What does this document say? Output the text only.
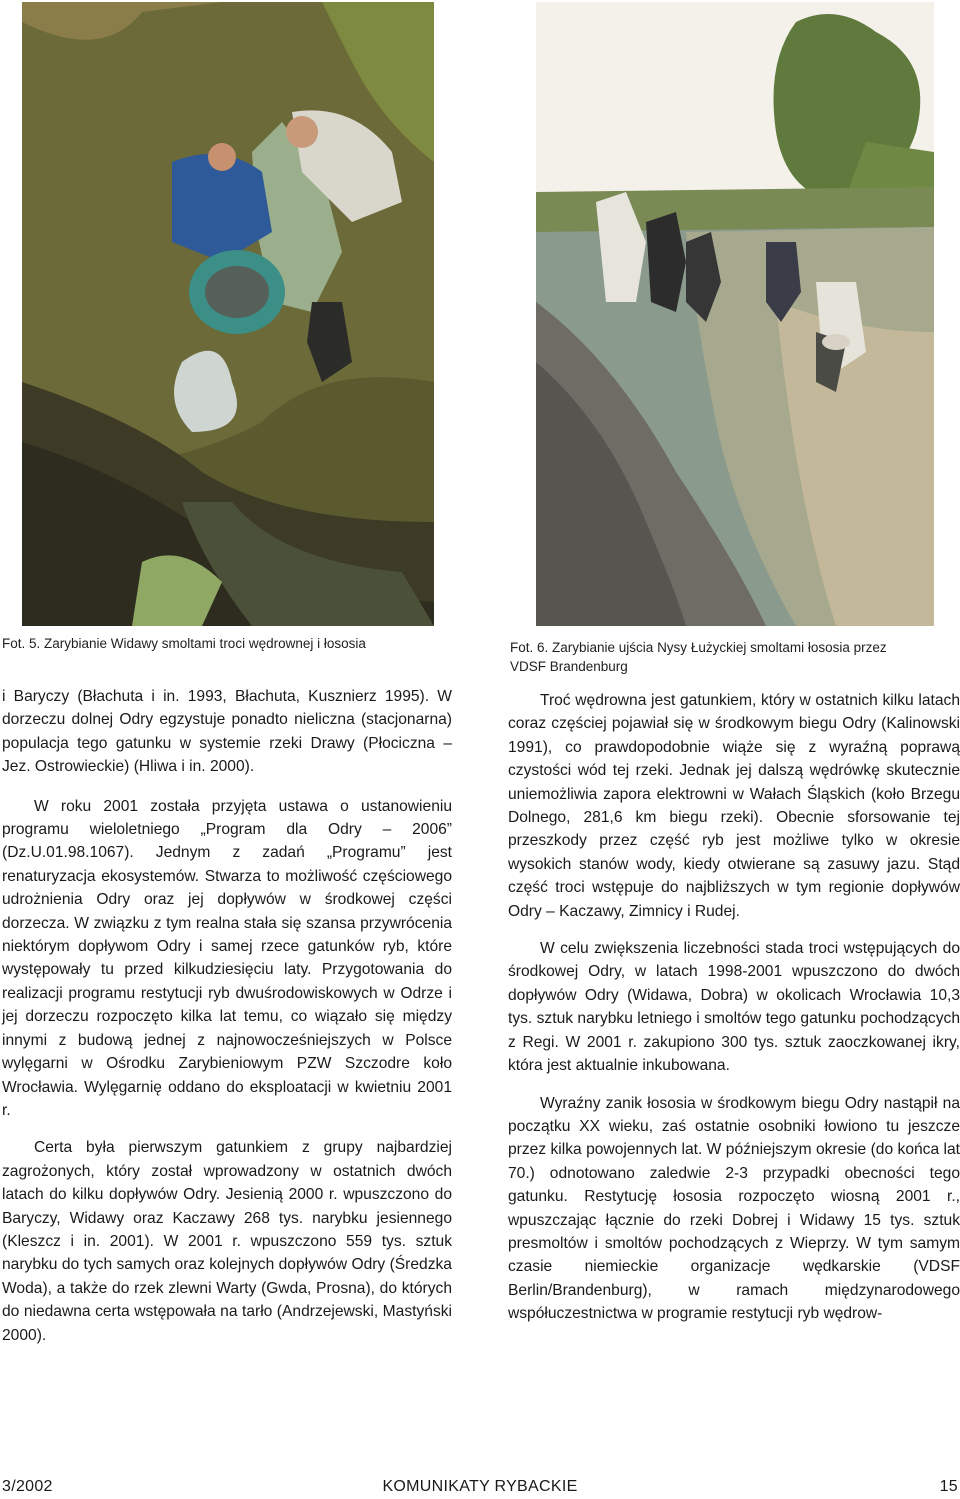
Fot. 5. Zarybianie Widawy smoltami troci wędrownej i łososia	Fot. 6. Zarybianie ujścia Nysy Łużyckiej smoltami łososia przez
VDSF Brandenburg

i Baryczy (Błachuta i in. 1993, Błachuta, Kusznierz 1995). W dorzeczu dolnej Odry egzystuje ponadto nieliczna (stacjonarna) populacja tego gatunku w systemie rzeki Drawy (Płociczna – Jez. Ostrowieckie) (Hliwa i in. 2000).

W roku 2001 została przyjęta ustawa o ustanowieniu programu wieloletniego „Program dla Odry – 2006” (Dz.U.01.98.1067). Jednym z zadań „Programu” jest renaturyzacja ekosystemów. Stwarza to możliwość częściowego udrożnienia Odry oraz jej dopływów w środkowej części dorzecza. W związku z tym realna stała się szansa przywrócenia niektórym dopływom Odry i samej rzece gatunków ryb, które występowały tu przed kilkudziesięciu laty. Przygotowania do realizacji programu restytucji ryb dwuśrodowiskowych w Odrze i jej dorzeczu rozpoczęto kilka lat temu, co wiązało się między innymi z budową jednej z najnowocześniejszych w Polsce wylęgarni w Ośrodku Zarybieniowym PZW Szczodre koło Wrocławia. Wylęgarnię oddano do eksploatacji w kwietniu 2001 r.

Certa była pierwszym gatunkiem z grupy najbardziej zagrożonych, który został wprowadzony w ostatnich dwóch latach do kilku dopływów Odry. Jesienią 2000 r. wpuszczono do Baryczy, Widawy oraz Kaczawy 268 tys. narybku jesiennego (Kleszcz i in. 2001). W 2001 r. wpuszczono 559 tys. sztuk narybku do tych samych oraz kolejnych dopływów Odry (Średzka Woda), a także do rzek zlewni Warty (Gwda, Prosna), do których do niedawna certa wstępowała na tarło (Andrzejewski, Mastyński 2000).

Troć wędrowna jest gatunkiem, który w ostatnich kilku latach coraz częściej pojawiał się w środkowym biegu Odry (Kalinowski 1991), co prawdopodobnie wiąże się z wyraźną poprawą czystości wód tej rzeki. Jednak jej dalszą wędrówkę skutecznie uniemożliwia zapora elektrowni w Wałach Śląskich (koło Brzegu Dolnego, 281,6 km biegu rzeki). Obecnie sforsowanie tej przeszkody przez część ryb jest możliwe tylko w okresie wysokich stanów wody, kiedy otwierane są zasuwy jazu. Stąd część troci wstępuje do najbliższych w tym regionie dopływów Odry – Kaczawy, Zimnicy i Rudej.

W celu zwiększenia liczebności stada troci wstępujących do środkowej Odry, w latach 1998-2001 wpuszczono do dwóch dopływów Odry (Widawa, Dobra) w okolicach Wrocławia 10,3 tys. sztuk narybku letniego i smoltów tego gatunku pochodzących z Regi. W 2001 r. zakupiono 300 tys. sztuk zaoczkowanej ikry, która jest aktualnie inkubowana.

Wyraźny zanik łososia w środkowym biegu Odry nastąpił na początku XX wieku, zaś ostatnie osobniki łowiono tu jeszcze przez kilka powojennych lat. W późniejszym okresie (do końca lat 70.) odnotowano zaledwie 2-3 przypadki obecności tego gatunku. Restytucję łososia rozpoczęto wiosną 2001 r., wpuszczając łącznie do rzeki Dobrej i Widawy 15 tys. sztuk presmoltów i smoltów pochodzących z Wieprzy. W tym samym czasie niemieckie organizacje wędkarskie (VDSF Berlin/Brandenburg), w ramach międzynarodowego współuczestnictwa w programie restytucji ryb wędrow-

3/2002	KOMUNIKATY RYBACKIE	15
